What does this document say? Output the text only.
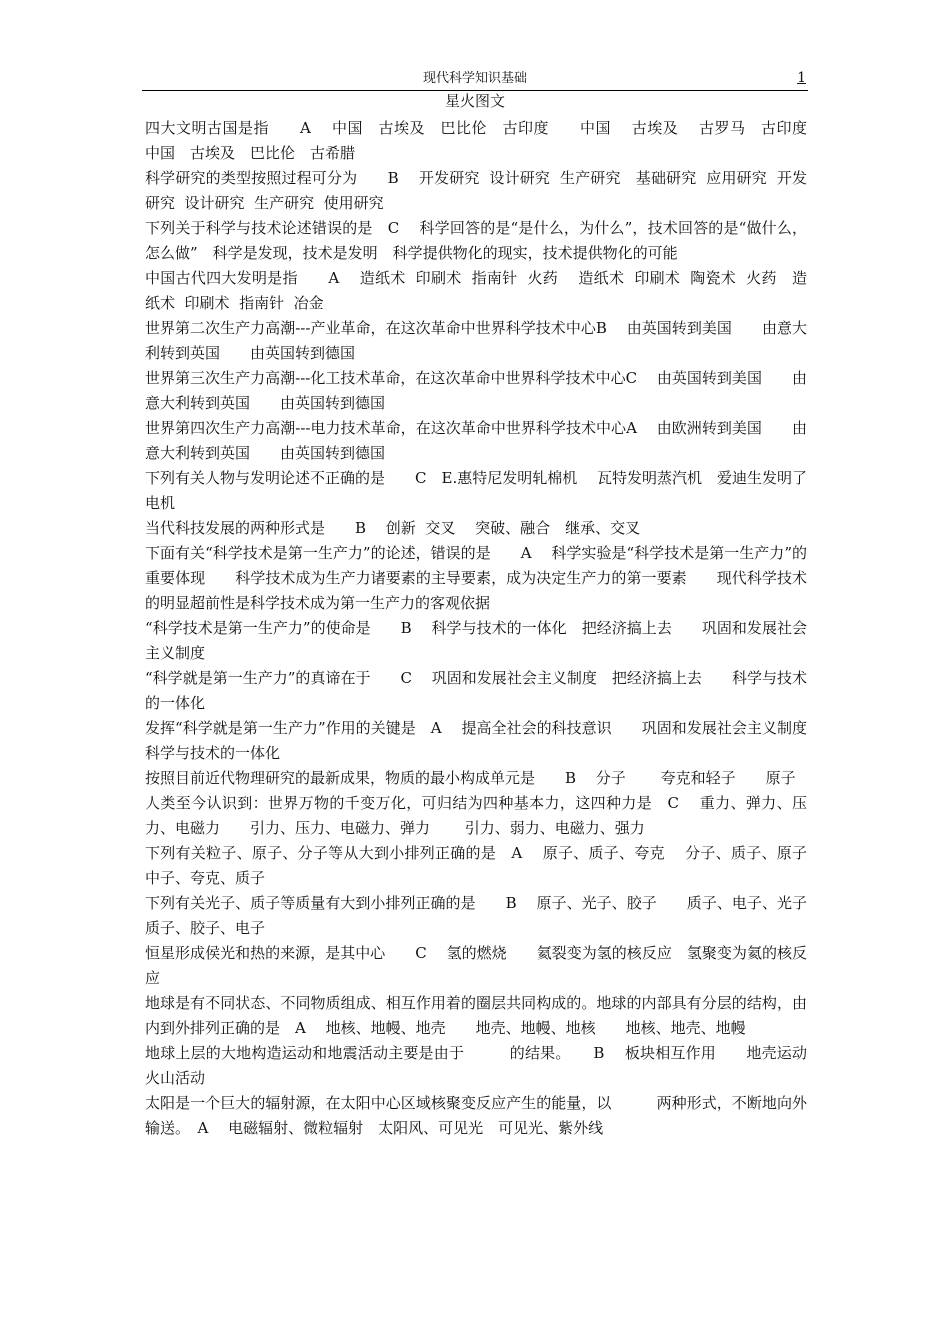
现代科学知识基础	1
星火图文

四大文明古国是指　　A　 中国　古埃及　巴比伦　古印度　　中国　 古埃及　 古罗马　古印度　中国　古埃及　巴比伦　古希腊

科学研究的类型按照过程可分为　　B　 开发研究  设计研究  生产研究　基础研究  应用研究  开发研究  设计研究  生产研究  使用研究

下列关于科学与技术论述错误的是　C　 科学回答的是“是什么，为什么”，技术回答的是“做什么，怎么做”　科学是发现，技术是发明　科学提供物化的现实，技术提供物化的可能

中国古代四大发明是指　　A　 造纸术  印刷术  指南针  火药　 造纸术  印刷术  陶瓷术  火药　造纸术  印刷术  指南针  冶金

世界第二次生产力高潮---产业革命，在这次革命中世界科学技术中心B　 由英国转到美国　　由意大利转到英国　　由英国转到德国

世界第三次生产力高潮---化工技术革命，在这次革命中世界科学技术中心C　 由英国转到美国　　由意大利转到英国　　由英国转到德国

世界第四次生产力高潮---电力技术革命，在这次革命中世界科学技术中心A　 由欧洲转到美国　　由意大利转到英国　　由英国转到德国

下列有关人物与发明论述不正确的是　　C　E.惠特尼发明轧棉机　 瓦特发明蒸汽机　爱迪生发明了电机

当代科技发展的两种形式是　　B　 创新  交叉　 突破、融合　继承、交叉

下面有关“科学技术是第一生产力”的论述，错误的是　　A　 科学实验是“科学技术是第一生产力”的重要体现　　科学技术成为生产力诸要素的主导要素，成为决定生产力的第一要素　　现代科学技术的明显超前性是科学技术成为第一生产力的客观依据

“科学技术是第一生产力”的使命是　　B　 科学与技术的一体化　把经济搞上去　　巩固和发展社会主义制度

“科学就是第一生产力”的真谛在于　　C　 巩固和发展社会主义制度　把经济搞上去　　科学与技术的一体化

发挥“科学就是第一生产力”作用的关键是　A　 提高全社会的科技意识　　巩固和发展社会主义制度　　科学与技术的一体化

按照目前近代物理研究的最新成果，物质的最小构成单元是　　B　 分子　　 夸克和轻子　　原子

人类至今认识到：世界万物的千变万化，可归结为四种基本力，这四种力是　C　 重力、弹力、压力、电磁力　　引力、压力、电磁力、弹力　　 引力、弱力、电磁力、强力

下列有关粒子、原子、分子等从大到小排列正确的是　A　 原子、质子、夸克　 分子、质子、原子　　中子、夸克、质子

下列有关光子、质子等质量有大到小排列正确的是　　B　 原子、光子、胶子　　质子、电子、光子　　质子、胶子、电子

恒星形成侯光和热的来源，是其中心　　C　 氢的燃烧　　氦裂变为氢的核反应　氢聚变为氦的核反应

地球是有不同状态、不同物质组成、相互作用着的圈层共同构成的。地球的内部具有分层的结构，由内到外排列正确的是　A　 地核、地幔、地壳　　地壳、地幔、地核　　地核、地壳、地幔

地球上层的大地构造运动和地震活动主要是由于　　　的结果。　　B　 板块相互作用　　地壳运动　　火山活动

太阳是一个巨大的辐射源，在太阳中心区域核聚变反应产生的能量，以　　　两种形式，不断地向外输送。　A　 电磁辐射、微粒辐射　太阳风、可见光　可见光、紫外线
